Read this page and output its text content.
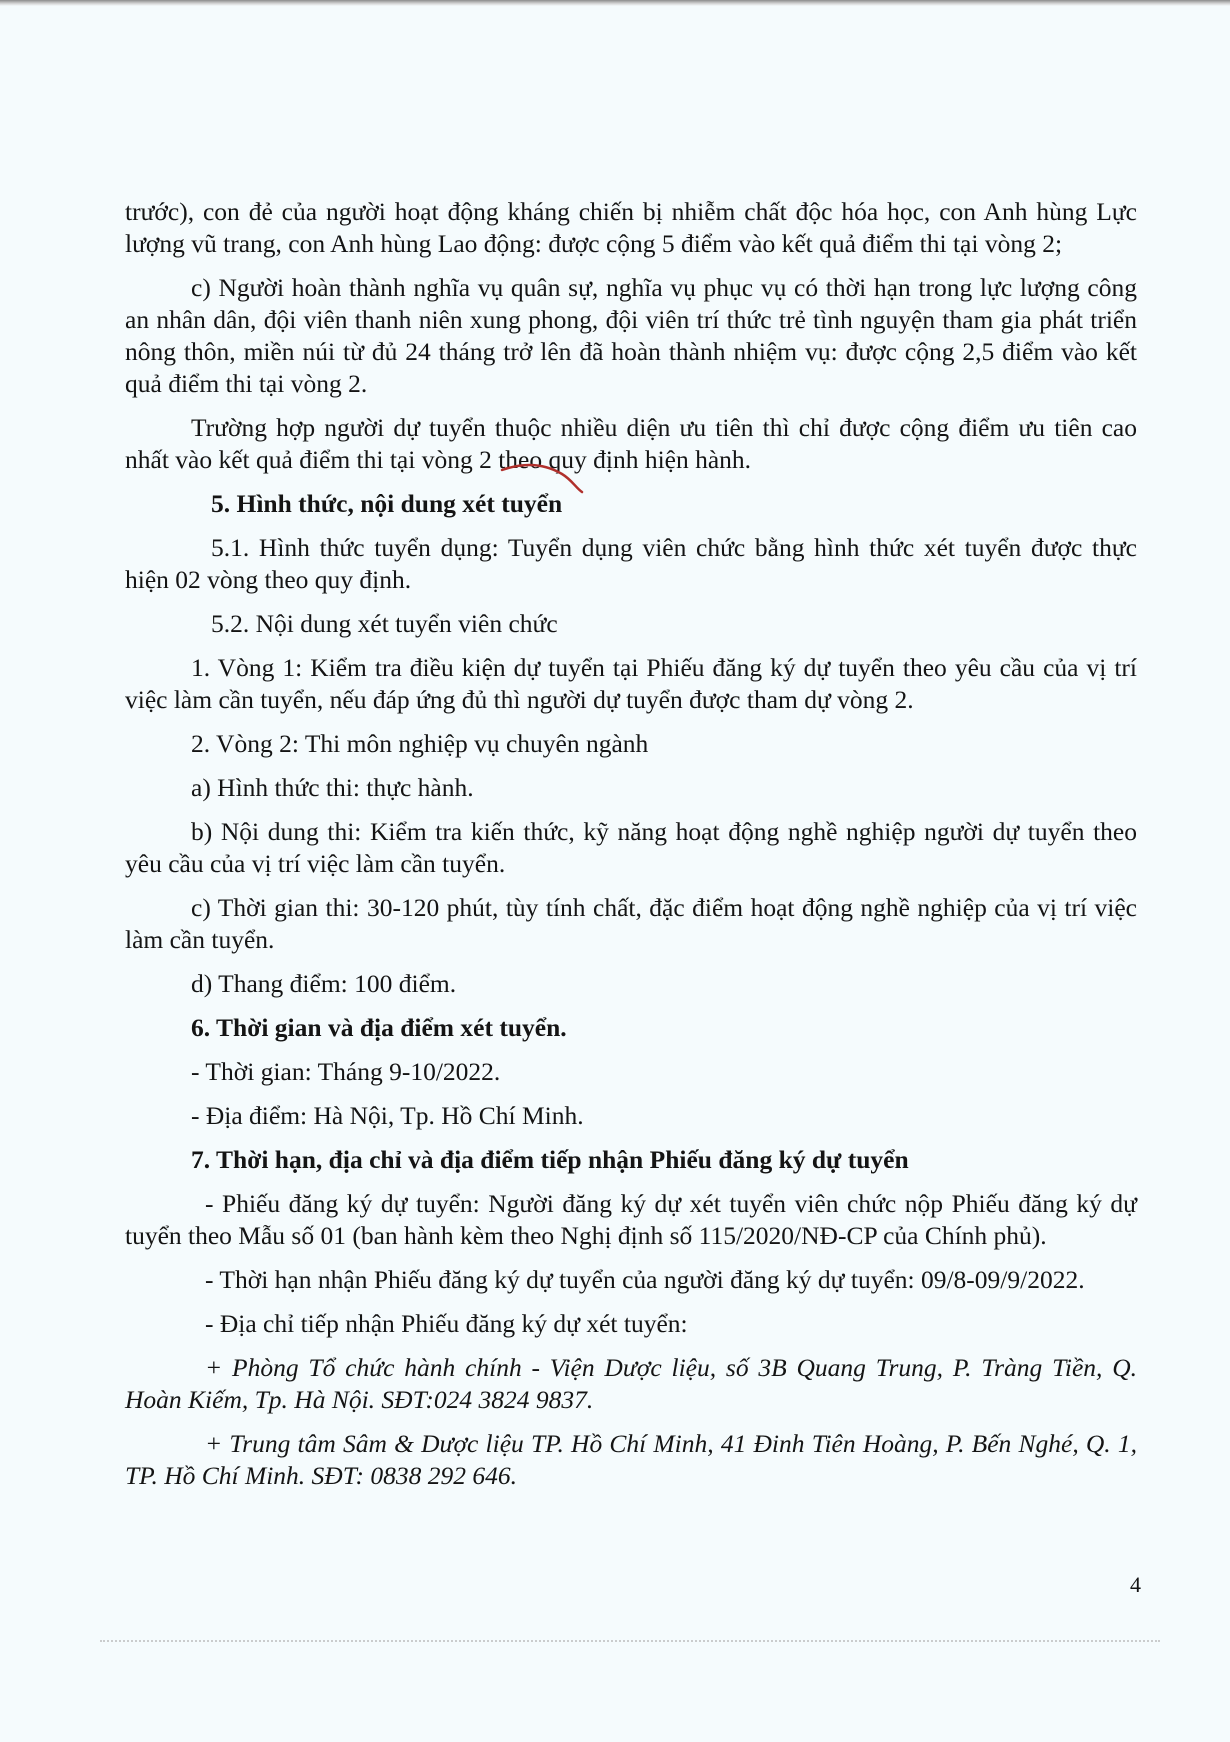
trước), con đẻ của người hoạt động kháng chiến bị nhiễm chất độc hóa học, con Anh hùng Lực lượng vũ trang, con Anh hùng Lao động: được cộng 5 điểm vào kết quả điểm thi tại vòng 2;

c) Người hoàn thành nghĩa vụ quân sự, nghĩa vụ phục vụ có thời hạn trong lực lượng công an nhân dân, đội viên thanh niên xung phong, đội viên trí thức trẻ tình nguyện tham gia phát triển nông thôn, miền núi từ đủ 24 tháng trở lên đã hoàn thành nhiệm vụ: được cộng 2,5 điểm vào kết quả điểm thi tại vòng 2.

Trường hợp người dự tuyển thuộc nhiều diện ưu tiên thì chỉ được cộng điểm ưu tiên cao nhất vào kết quả điểm thi tại vòng 2 theo quy định hiện hành.

5. Hình thức, nội dung xét tuyển

5.1. Hình thức tuyển dụng: Tuyển dụng viên chức bằng hình thức xét tuyển được thực hiện 02 vòng theo quy định.

5.2. Nội dung xét tuyển viên chức

1. Vòng 1: Kiểm tra điều kiện dự tuyển tại Phiếu đăng ký dự tuyển theo yêu cầu của vị trí việc làm cần tuyển, nếu đáp ứng đủ thì người dự tuyển được tham dự vòng 2.

2. Vòng 2: Thi môn nghiệp vụ chuyên ngành

a) Hình thức thi: thực hành.

b) Nội dung thi: Kiểm tra kiến thức, kỹ năng hoạt động nghề nghiệp người dự tuyển theo yêu cầu của vị trí việc làm cần tuyển.

c) Thời gian thi: 30-120 phút, tùy tính chất, đặc điểm hoạt động nghề nghiệp của vị trí việc làm cần tuyển.

d) Thang điểm: 100 điểm.

6. Thời gian và địa điểm xét tuyển.

- Thời gian: Tháng 9-10/2022.

- Địa điểm: Hà Nội, Tp. Hồ Chí Minh.

7. Thời hạn, địa chỉ và địa điểm tiếp nhận Phiếu đăng ký dự tuyển

- Phiếu đăng ký dự tuyển: Người đăng ký dự xét tuyển viên chức nộp Phiếu đăng ký dự tuyển theo Mẫu số 01 (ban hành kèm theo Nghị định số 115/2020/NĐ-CP của Chính phủ).

- Thời hạn nhận Phiếu đăng ký dự tuyển của người đăng ký dự tuyển: 09/8-09/9/2022.

- Địa chỉ tiếp nhận Phiếu đăng ký dự xét tuyển:

+ Phòng Tổ chức hành chính - Viện Dược liệu, số 3B Quang Trung, P. Tràng Tiền, Q. Hoàn Kiếm, Tp. Hà Nội. SĐT:024 3824 9837.

+ Trung tâm Sâm & Dược liệu TP. Hồ Chí Minh, 41 Đinh Tiên Hoàng, P. Bến Nghé, Q. 1, TP. Hồ Chí Minh. SĐT: 0838 292 646.

4
